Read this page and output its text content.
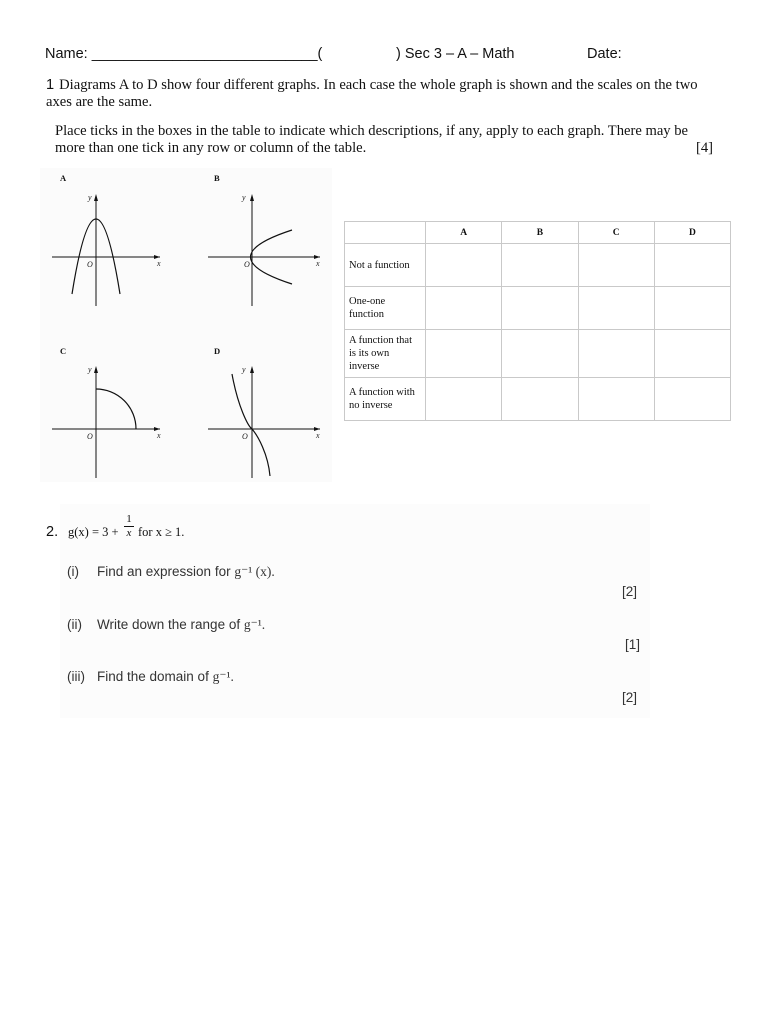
Name: ____________________________(	) Sec 3 – A – Math	Date:
1 Diagrams A to D show four different graphs. In each case the whole graph is shown and the scales on the two axes are the same.
Place ticks in the boxes in the table to indicate which descriptions, if any, apply to each graph. There may be more than one tick in any row or column of the table.	[4]
A	B
C	D
y
x
O
y
x
O
y
x
O
y
x
O
	A	B	C	D
Not a function				
One-one function				
A function that is its own inverse				
A function with no inverse				
2. g(x) = 3 +
1
x for x ≥ 1.
(i) Find an expression for g⁻¹ (x).
[2]
(ii) Write down the range of g⁻¹.
[1]
(iii) Find the domain of g⁻¹.
[2]
